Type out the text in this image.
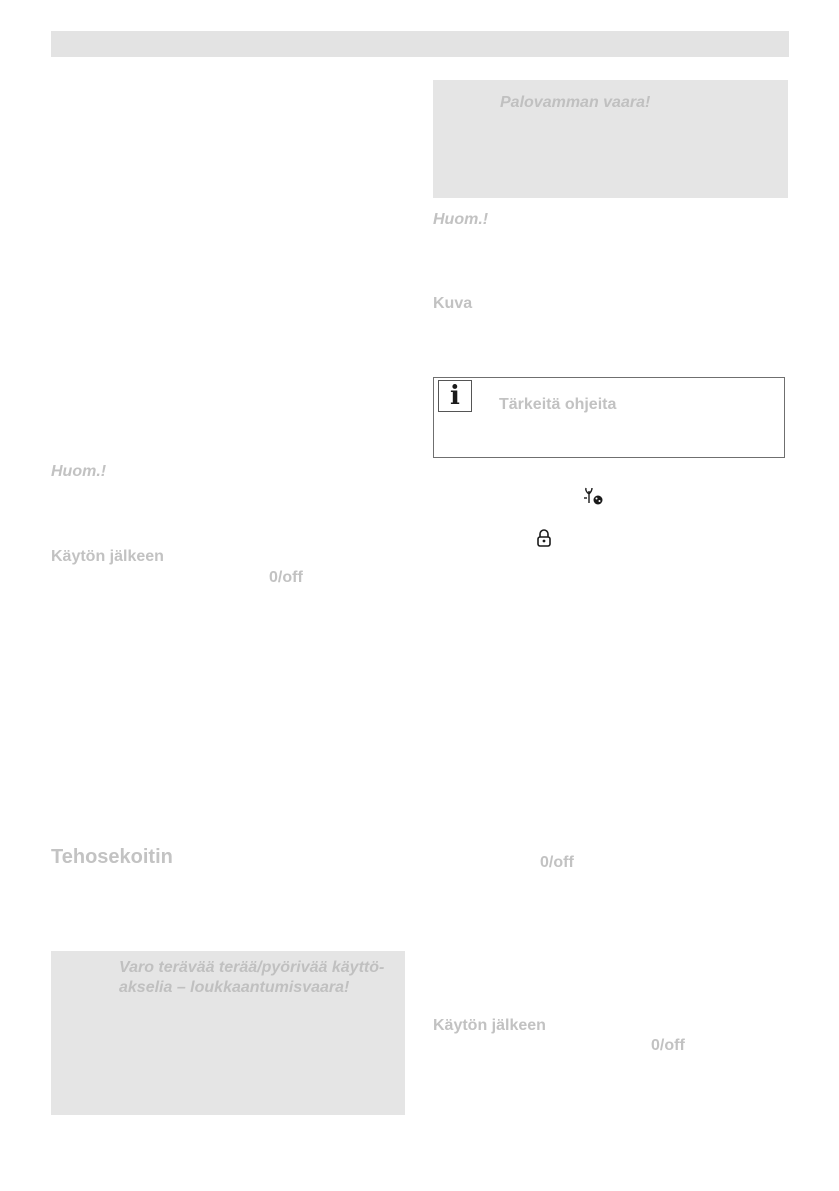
Huom.!
Käytön jälkeen
0/off
Tehosekoitin
Varo terävää terää/pyörivää käyttö-
akselia – loukkaantumisvaara!
Palovamman vaara!
Huom.!
Kuva
i Tärkeitä ohjeita
0/off
Käytön jälkeen
0/off
